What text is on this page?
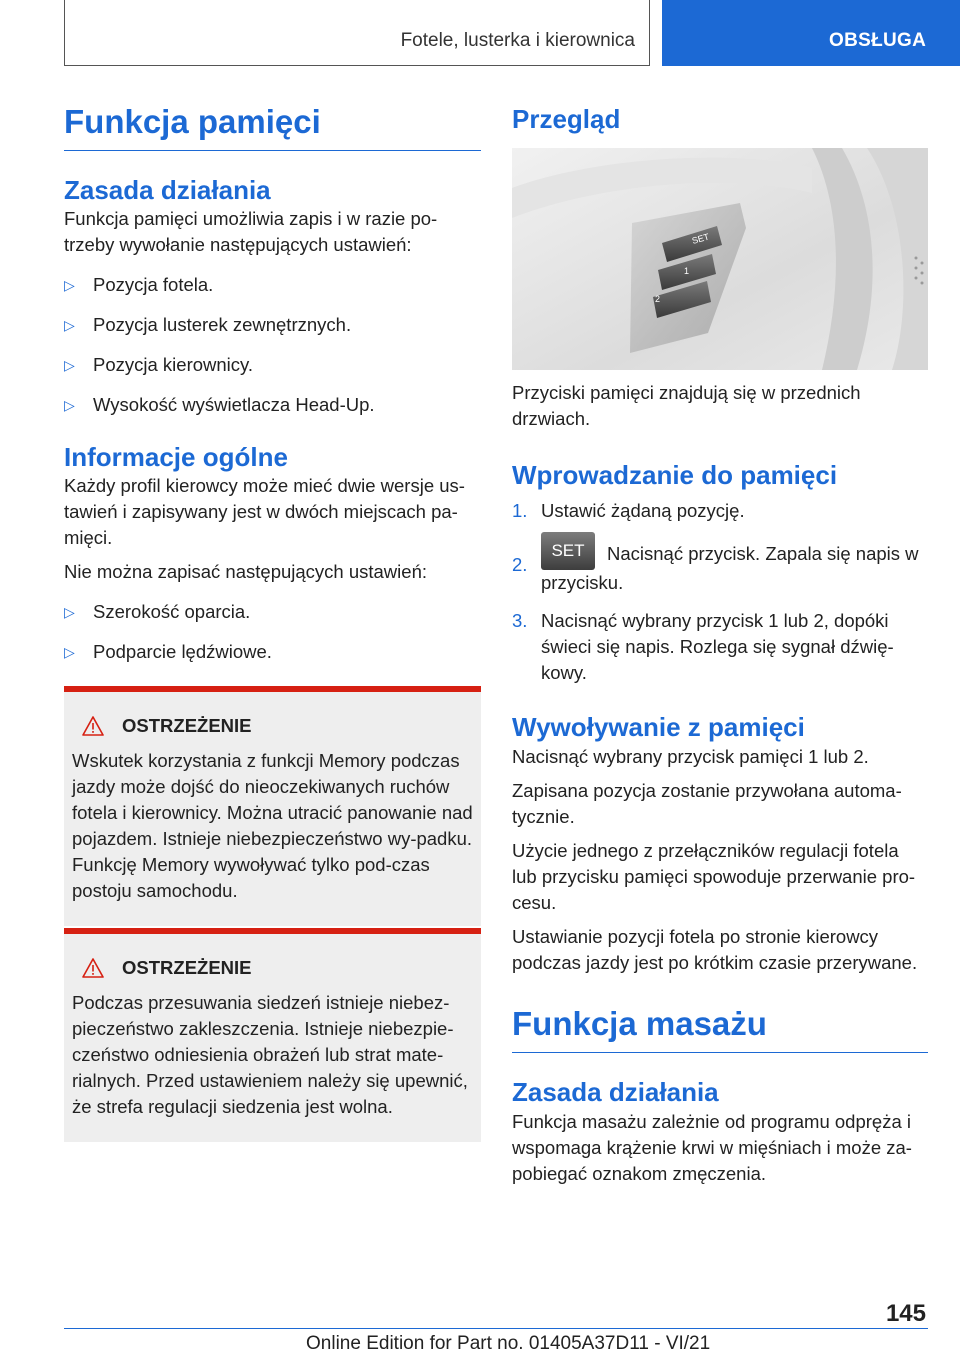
Fotele, lusterka i kierownica	OBSŁUGA
Funkcja pamięci
Zasada działania
Funkcja pamięci umożliwia zapis i w razie po-trzeby wywołanie następujących ustawień:
▷ Pozycja fotela.
▷ Pozycja lusterek zewnętrznych.
▷ Pozycja kierownicy.
▷ Wysokość wyświetlacza Head-Up.
Informacje ogólne
Każdy profil kierowcy może mieć dwie wersje us-tawień i zapisywany jest w dwóch miejscach pa-mięci.
Nie można zapisać następujących ustawień:
▷ Szerokość oparcia.
▷ Podparcie lędźwiowe.
OSTRZEŻENIE
Wskutek korzystania z funkcji Memory podczas jazdy może dojść do nieoczekiwanych ruchów fotela i kierownicy. Można utracić panowanie nad pojazdem. Istnieje niebezpieczeństwo wy-padku. Funkcję Memory wywoływać tylko pod-czas postoju samochodu.
OSTRZEŻENIE
Podczas przesuwania siedzeń istnieje niebez-pieczeństwo zakleszczenia. Istnieje niebezpie-czeństwo odniesienia obrażeń lub strat mate-rialnych. Przed ustawieniem należy się upewnić, że strefa regulacji siedzenia jest wolna.
Przegląd
SET
1
2
Przyciski pamięci znajdują się w przednich drzwiach.
Wprowadzanie do pamięci
1. Ustawić żądaną pozycję.
2.
SET Nacisnąć przycisk. Zapala się napis w przycisku.
3. Nacisnąć wybrany przycisk 1 lub 2, dopóki świeci się napis. Rozlega się sygnał dźwię-kowy.
Wywoływanie z pamięci
Nacisnąć wybrany przycisk pamięci 1 lub 2.
Zapisana pozycja zostanie przywołana automa-tycznie.
Użycie jednego z przełączników regulacji fotela lub przycisku pamięci spowoduje przerwanie pro-cesu.
Ustawianie pozycji fotela po stronie kierowcy podczas jazdy jest po krótkim czasie przerywane.
Funkcja masażu
Zasada działania
Funkcja masażu zależnie od programu odpręża i wspomaga krążenie krwi w mięśniach i może za-pobiegać oznakom zmęczenia.
145
Online Edition for Part no. 01405A37D11 - VI/21
